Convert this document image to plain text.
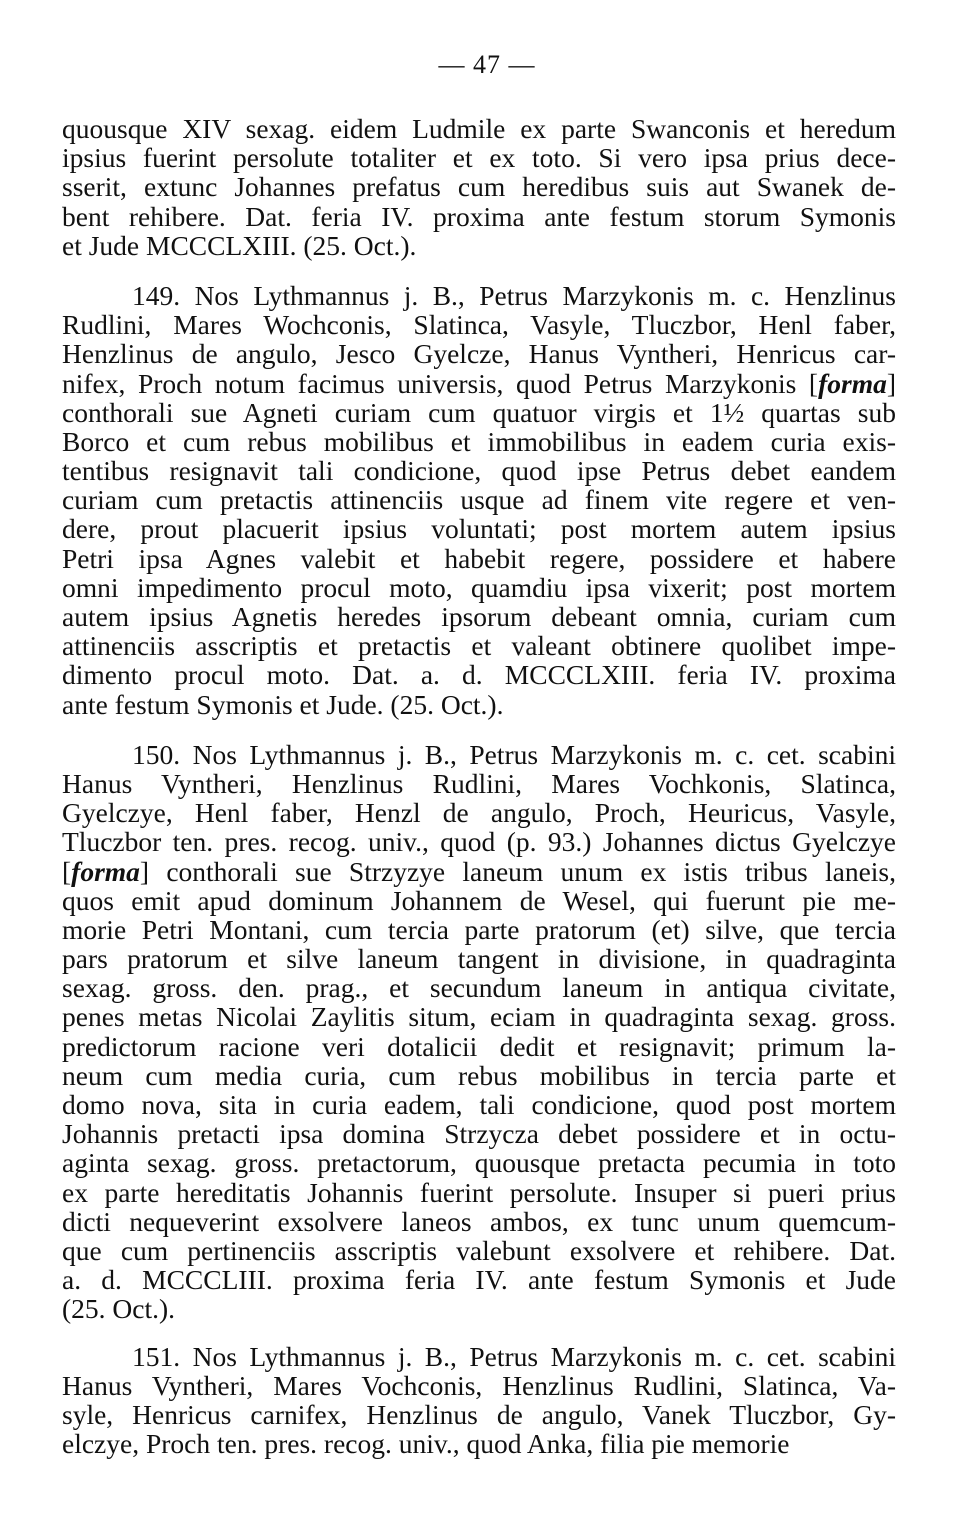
— 47 —
quousque XIV sexag. eidem Ludmile ex parte Swanconis et heredum
ipsius fuerint persolute totaliter et ex toto. Si vero ipsa prius dece-
sserit, extunc Johannes prefatus cum heredibus suis aut Swanek de-
bent rehibere. Dat. feria IV. proxima ante festum storum Symonis
et Jude MCCCLXIII. (25. Oct.).
149. Nos Lythmannus j. B., Petrus Marzykonis m. c. Henzlinus
Rudlini, Mares Wochconis, Slatinca, Vasyle, Tluczbor, Henl faber,
Henzlinus de angulo, Jesco Gyelcze, Hanus Vyntheri, Henricus car-
nifex, Proch notum facimus universis, quod Petrus Marzykonis [forma]
conthorali sue Agneti curiam cum quatuor virgis et 1½ quartas sub
Borco et cum rebus mobilibus et immobilibus in eadem curia exis-
tentibus resignavit tali condicione, quod ipse Petrus debet eandem
curiam cum pretactis attinenciis usque ad finem vite regere et ven-
dere, prout placuerit ipsius voluntati; post mortem autem ipsius
Petri ipsa Agnes valebit et habebit regere, possidere et habere
omni impedimento procul moto, quamdiu ipsa vixerit; post mortem
autem ipsius Agnetis heredes ipsorum debeant omnia, curiam cum
attinenciis asscriptis et pretactis et valeant obtinere quolibet impe-
dimento procul moto. Dat. a. d. MCCCLXIII. feria IV. proxima
ante festum Symonis et Jude. (25. Oct.).
150. Nos Lythmannus j. B., Petrus Marzykonis m. c. cet. scabini
Hanus Vyntheri, Henzlinus Rudlini, Mares Vochkonis, Slatinca,
Gyelczye, Henl faber, Henzl de angulo, Proch, Heuricus, Vasyle,
Tluczbor ten. pres. recog. univ., quod (p. 93.) Johannes dictus Gyelczye
[forma] conthorali sue Strzyzye laneum unum ex istis tribus laneis,
quos emit apud dominum Johannem de Wesel, qui fuerunt pie me-
morie Petri Montani, cum tercia parte pratorum (et) silve, que tercia
pars pratorum et silve laneum tangent in divisione, in quadraginta
sexag. gross. den. prag., et secundum laneum in antiqua civitate,
penes metas Nicolai Zaylitis situm, eciam in quadraginta sexag. gross.
predictorum racione veri dotalicii dedit et resignavit; primum la-
neum cum media curia, cum rebus mobilibus in tercia parte et
domo nova, sita in curia eadem, tali condicione, quod post mortem
Johannis pretacti ipsa domina Strzycza debet possidere et in octu-
aginta sexag. gross. pretactorum, quousque pretacta pecumia in toto
ex parte hereditatis Johannis fuerint persolute. Insuper si pueri prius
dicti nequeverint exsolvere laneos ambos, ex tunc unum quemcum-
que cum pertinenciis asscriptis valebunt exsolvere et rehibere. Dat.
a. d. MCCCLIII. proxima feria IV. ante festum Symonis et Jude
(25. Oct.).
151. Nos Lythmannus j. B., Petrus Marzykonis m. c. cet. scabini
Hanus Vyntheri, Mares Vochconis, Henzlinus Rudlini, Slatinca, Va-
syle, Henricus carnifex, Henzlinus de angulo, Vanek Tluczbor, Gy-
elczye, Proch ten. pres. recog. univ., quod Anka, filia pie memorie
